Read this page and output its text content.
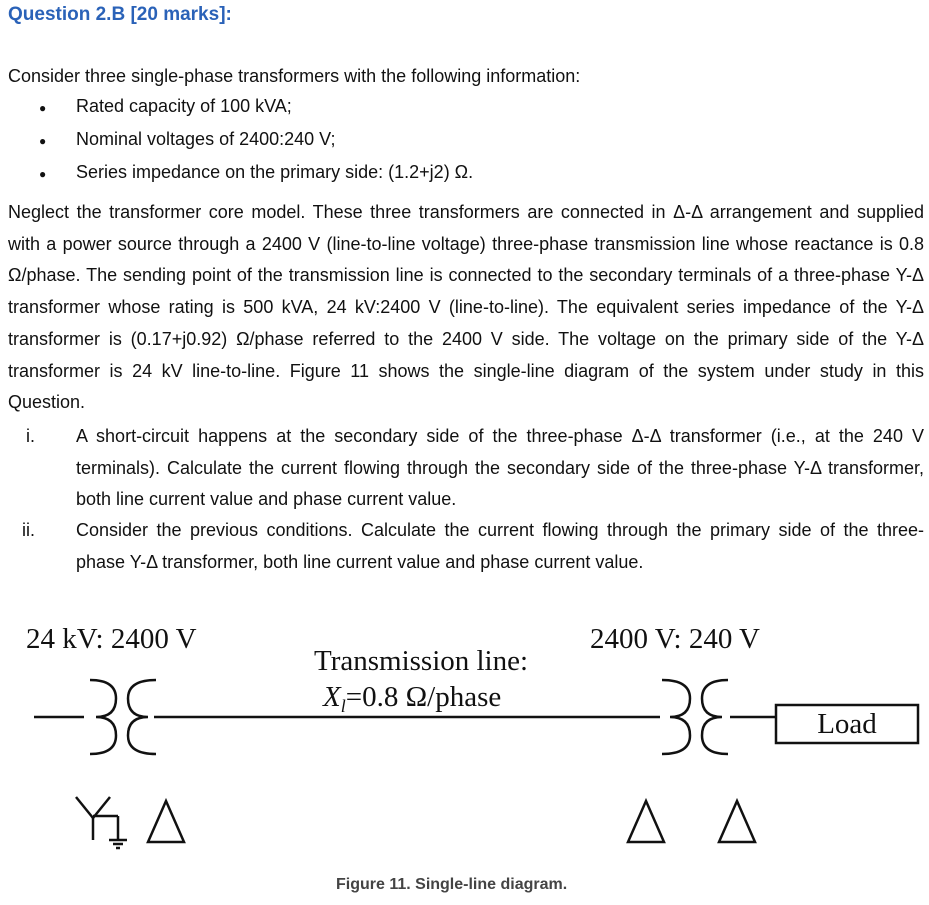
Question 2.B [20 marks]:
Consider three single-phase transformers with the following information:
● Rated capacity of 100 kVA;
● Nominal voltages of 2400:240 V;
● Series impedance on the primary side: (1.2+j2) Ω.
Neglect the transformer core model. These three transformers are connected in Δ-Δ arrangement and supplied with a power source through a 2400 V (line-to-line voltage) three-phase transmission line whose reactance is 0.8 Ω/phase. The sending point of the transmission line is connected to the secondary terminals of a three-phase Y-Δ transformer whose rating is 500 kVA, 24 kV:2400 V (line-to-line). The equivalent series impedance of the Y-Δ transformer is (0.17+j0.92) Ω/phase referred to the 2400 V side. The voltage on the primary side of the Y-Δ transformer is 24 kV line-to-line. Figure 11 shows the single-line diagram of the system under study in this Question.
i. A short-circuit happens at the secondary side of the three-phase Δ-Δ transformer (i.e., at the 240 V terminals). Calculate the current flowing through the secondary side of the three-phase Y-Δ transformer, both line current value and phase current value.
ii. Consider the previous conditions. Calculate the current flowing through the primary side of the three-phase Y-Δ transformer, both line current value and phase current value.
24 kV: 2400 V	2400 V: 240 V
Transmission line:
$X_l=0.8$ Ω/phase
Load
Figure 11. Single-line diagram.
